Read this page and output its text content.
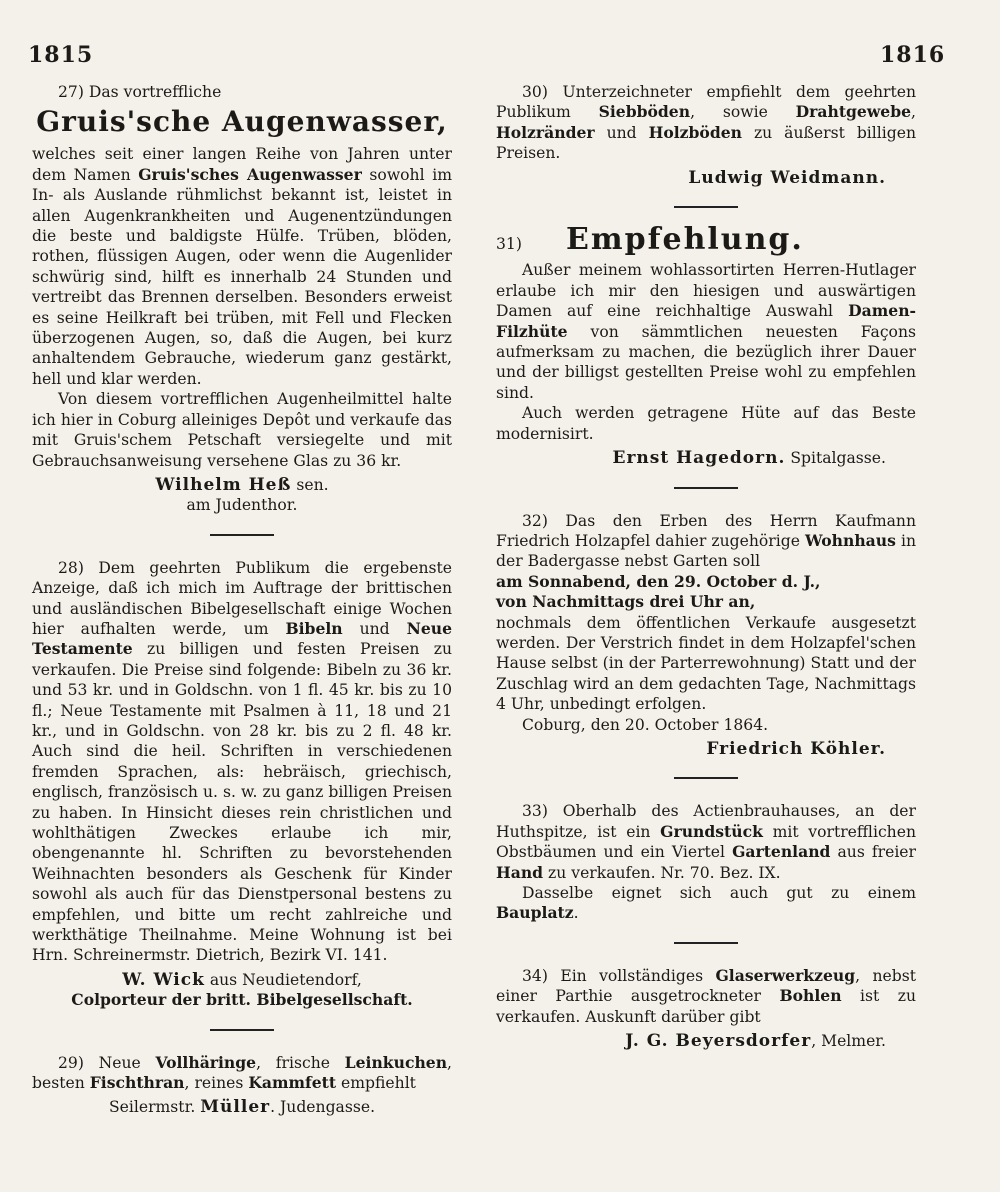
1815	1816

27) Das vortreffliche

Gruis'sche Augenwasser,

welches seit einer langen Reihe von Jahren unter dem Namen Gruis'sches Augenwasser sowohl im In- als Auslande rühmlichst bekannt ist, leistet in allen Augenkrankheiten und Augenentzündungen die beste und baldigste Hülfe. Trüben, blöden, rothen, flüssigen Augen, oder wenn die Augenlider schwürig sind, hilft es innerhalb 24 Stunden und vertreibt das Brennen derselben. Besonders erweist es seine Heilkraft bei trüben, mit Fell und Flecken überzogenen Augen, so, daß die Augen, bei kurz anhaltendem Gebrauche, wiederum ganz gestärkt, hell und klar werden.

Von diesem vortrefflichen Augenheilmittel halte ich hier in Coburg alleiniges Depôt und verkaufe das mit Gruis'schem Petschaft versiegelte und mit Gebrauchsanweisung versehene Glas zu 36 kr.

Wilhelm Heß sen.
am Judenthor.

28) Dem geehrten Publikum die ergebenste Anzeige, daß ich mich im Auftrage der brittischen und ausländischen Bibelgesellschaft einige Wochen hier aufhalten werde, um Bibeln und Neue Testamente zu billigen und festen Preisen zu verkaufen. Die Preise sind folgende: Bibeln zu 36 kr. und 53 kr. und in Goldschn. von 1 fl. 45 kr. bis zu 10 fl.; Neue Testamente mit Psalmen à 11, 18 und 21 kr., und in Goldschn. von 28 kr. bis zu 2 fl. 48 kr. Auch sind die heil. Schriften in verschiedenen fremden Sprachen, als: hebräisch, griechisch, englisch, französisch u. s. w. zu ganz billigen Preisen zu haben. In Hinsicht dieses rein christlichen und wohlthätigen Zweckes erlaube ich mir, obengenannte hl. Schriften zu bevorstehenden Weihnachten besonders als Geschenk für Kinder sowohl als auch für das Dienstpersonal bestens zu empfehlen, und bitte um recht zahlreiche und werkthätige Theilnahme. Meine Wohnung ist bei Hrn. Schreinermstr. Dietrich, Bezirk VI. 141.

W. Wick aus Neudietendorf,
Colporteur der britt. Bibelgesellschaft.

29) Neue Vollhäringe, frische Leinkuchen, besten Fischthran, reines Kammfett empfiehlt

Seilermstr. Müller. Judengasse.

30) Unterzeichneter empfiehlt dem geehrten Publikum Siebböden, sowie Drahtgewebe, Holzränder und Holzböden zu äußerst billigen Preisen.

Ludwig Weidmann.
31)	Empfehlung.

Außer meinem wohlassortirten Herren-Hutlager erlaube ich mir den hiesigen und auswärtigen Damen auf eine reichhaltige Auswahl Damen-Filzhüte von sämmtlichen neuesten Façons aufmerksam zu machen, die bezüglich ihrer Dauer und der billigst gestellten Preise wohl zu empfehlen sind.

Auch werden getragene Hüte auf das Beste modernisirt.

Ernst Hagedorn. Spitalgasse.

32) Das den Erben des Herrn Kaufmann Friedrich Holzapfel dahier zugehörige Wohnhaus in der Badergasse nebst Garten soll

am Sonnabend, den 29. October d. J.,

von Nachmittags drei Uhr an,

nochmals dem öffentlichen Verkaufe ausgesetzt werden. Der Verstrich findet in dem Holzapfel'schen Hause selbst (in der Parterrewohnung) Statt und der Zuschlag wird an dem gedachten Tage, Nachmittags 4 Uhr, unbedingt erfolgen.

Coburg, den 20. October 1864.

Friedrich Köhler.

33) Oberhalb des Actienbrauhauses, an der Huthspitze, ist ein Grundstück mit vortrefflichen Obstbäumen und ein Viertel Gartenland aus freier Hand zu verkaufen. Nr. 70. Bez. IX.

Dasselbe eignet sich auch gut zu einem Bauplatz.

34) Ein vollständiges Glaserwerkzeug, nebst einer Parthie ausgetrockneter Bohlen ist zu verkaufen. Auskunft darüber gibt

J. G. Beyersdorfer, Melmer.
